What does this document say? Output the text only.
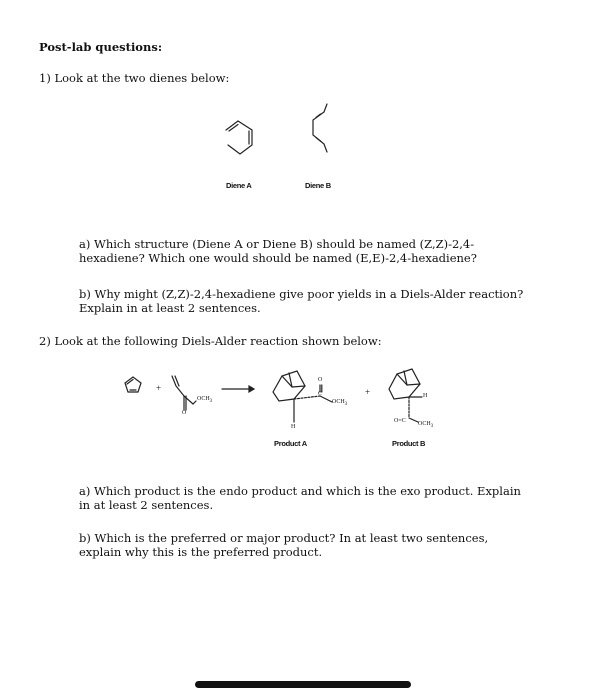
Post-lab questions:
1) Look at the two dienes below:
Diene A	Diene B
a) Which structure (Diene A or Diene B) should be named (Z,Z)-2,4-
hexadiene? Which one would should be named (E,E)-2,4-hexadiene?
b) Why might (Z,Z)-2,4-hexadiene give poor yields in a Diels-Alder reaction?
Explain in at least 2 sentences.
2) Look at the following Diels-Alder reaction shown below:
+
$OCH_3$
O
O
C
$OCH_3$
H
+	H
O=C $OCH_3$
Product A	Product B
a) Which product is the endo product and which is the exo product. Explain
in at least 2 sentences.
b) Which is the preferred or major product? In at least two sentences,
explain why this is the preferred product.
